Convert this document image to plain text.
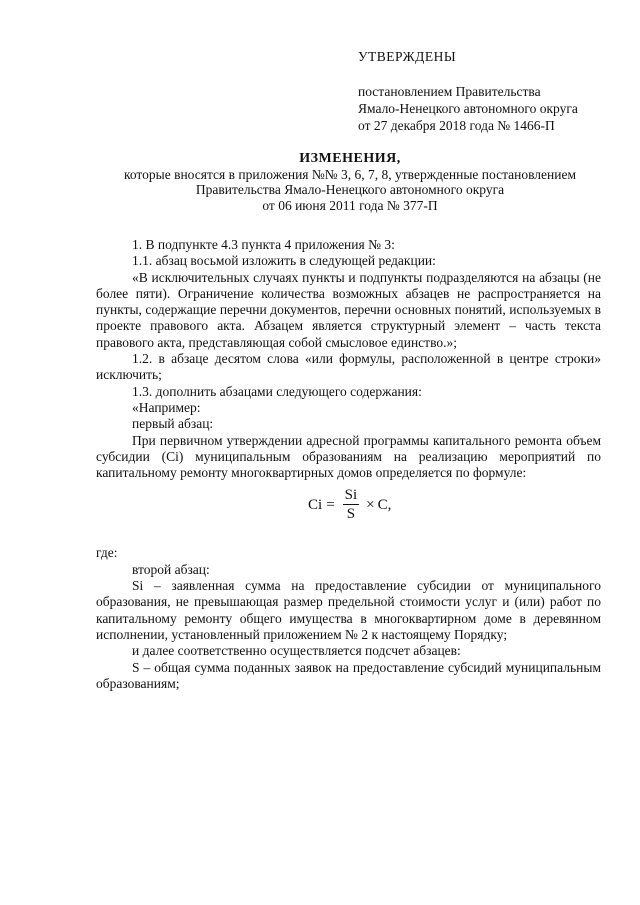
УТВЕРЖДЕНЫ
постановлением Правительства
Ямало-Ненецкого автономного округа
от 27 декабря 2018 года № 1466-П
ИЗМЕНЕНИЯ,
которые вносятся в приложения №№ 3, 6, 7, 8, утвержденные постановлением
Правительства Ямало-Ненецкого автономного округа
от 06 июня 2011 года № 377-П

1. В подпункте 4.3 пункта 4 приложения № 3:

1.1. абзац восьмой изложить в следующей редакции:

«В исключительных случаях пункты и подпункты подразделяются на абзацы (не более пяти). Ограничение количества возможных абзацев не распространяется на пункты, содержащие перечни документов, перечни основных понятий, используемых в проекте правового акта. Абзацем является структурный элемент – часть текста правового акта, представляющая собой смысловое единство.»;

1.2. в абзаце десятом слова «или формулы, расположенной в центре строки» исключить;

1.3. дополнить абзацами следующего содержания:

«Например:

первый абзац:

При первичном утверждении адресной программы капитального ремонта объем субсидии (Ci) муниципальным образованиям на реализацию мероприятий по капитальному ремонту многоквартирных домов определяется по формуле:

$Ci = \frac{Si}{S} \times C$,

где:

второй абзац:

Si – заявленная сумма на предоставление субсидии от муниципального образования, не превышающая размер предельной стоимости услуг и (или) работ по капитальному ремонту общего имущества в многоквартирном доме в деревянном исполнении, установленный приложением № 2 к настоящему Порядку;

и далее соответственно осуществляется подсчет абзацев:

S – общая сумма поданных заявок на предоставление субсидий муниципальным образованиям;
